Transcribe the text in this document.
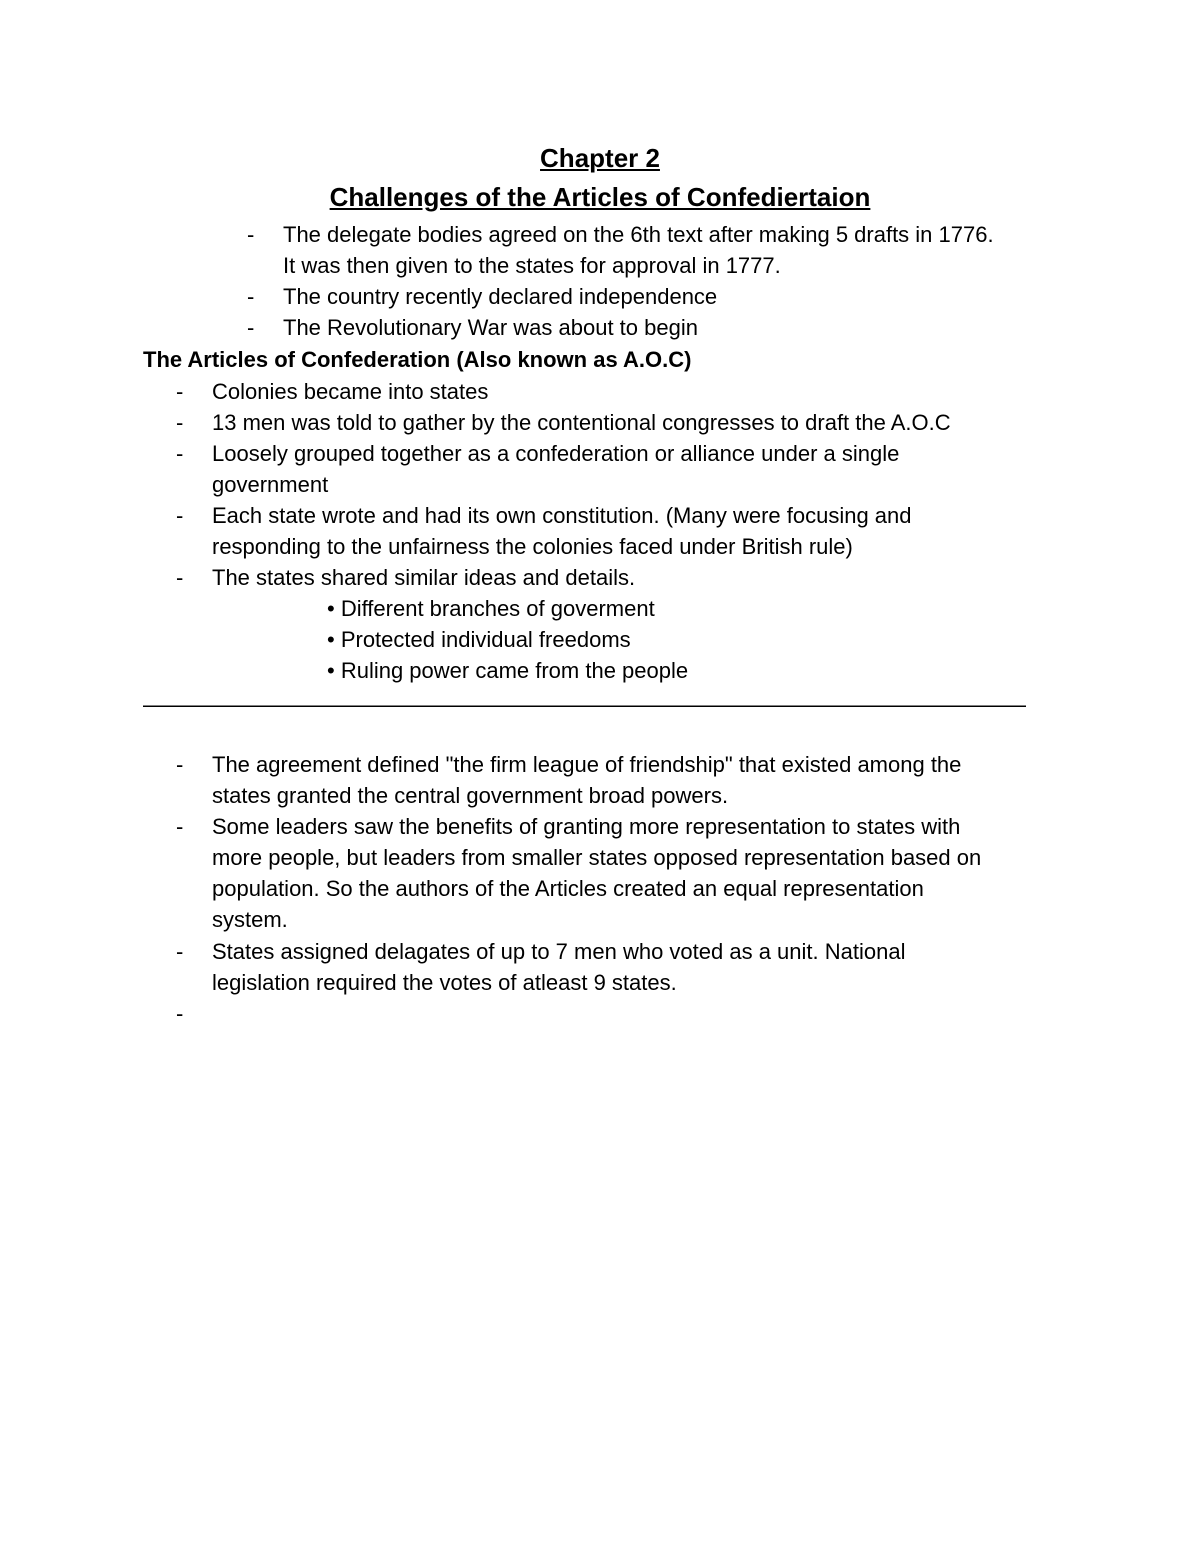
Chapter 2
Challenges of the Articles of Confediertaion
- The delegate bodies agreed on the 6th text after making 5 drafts in 1776.
It was then given to the states for approval in 1777.
- The country recently declared independence
- The Revolutionary War was about to begin
The Articles of Confederation (Also known as A.O.C)
- Colonies became into states
- 13 men was told to gather by the contentional congresses to draft the A.O.C
- Loosely grouped together as a confederation or alliance under a single
government
- Each state wrote and had its own constitution. (Many were focusing and
responding to the unfairness the colonies faced under British rule)
- The states shared similar ideas and details.
• Different branches of goverment
• Protected individual freedoms
• Ruling power came from the people
——————————————————————————————————————————
- The agreement defined "the firm league of friendship" that existed among the
states granted the central government broad powers.
- Some leaders saw the benefits of granting more representation to states with
more people, but leaders from smaller states opposed representation based on
population. So the authors of the Articles created an equal representation
system.
- States assigned delagates of up to 7 men who voted as a unit. National
legislation required the votes of atleast 9 states.
-
